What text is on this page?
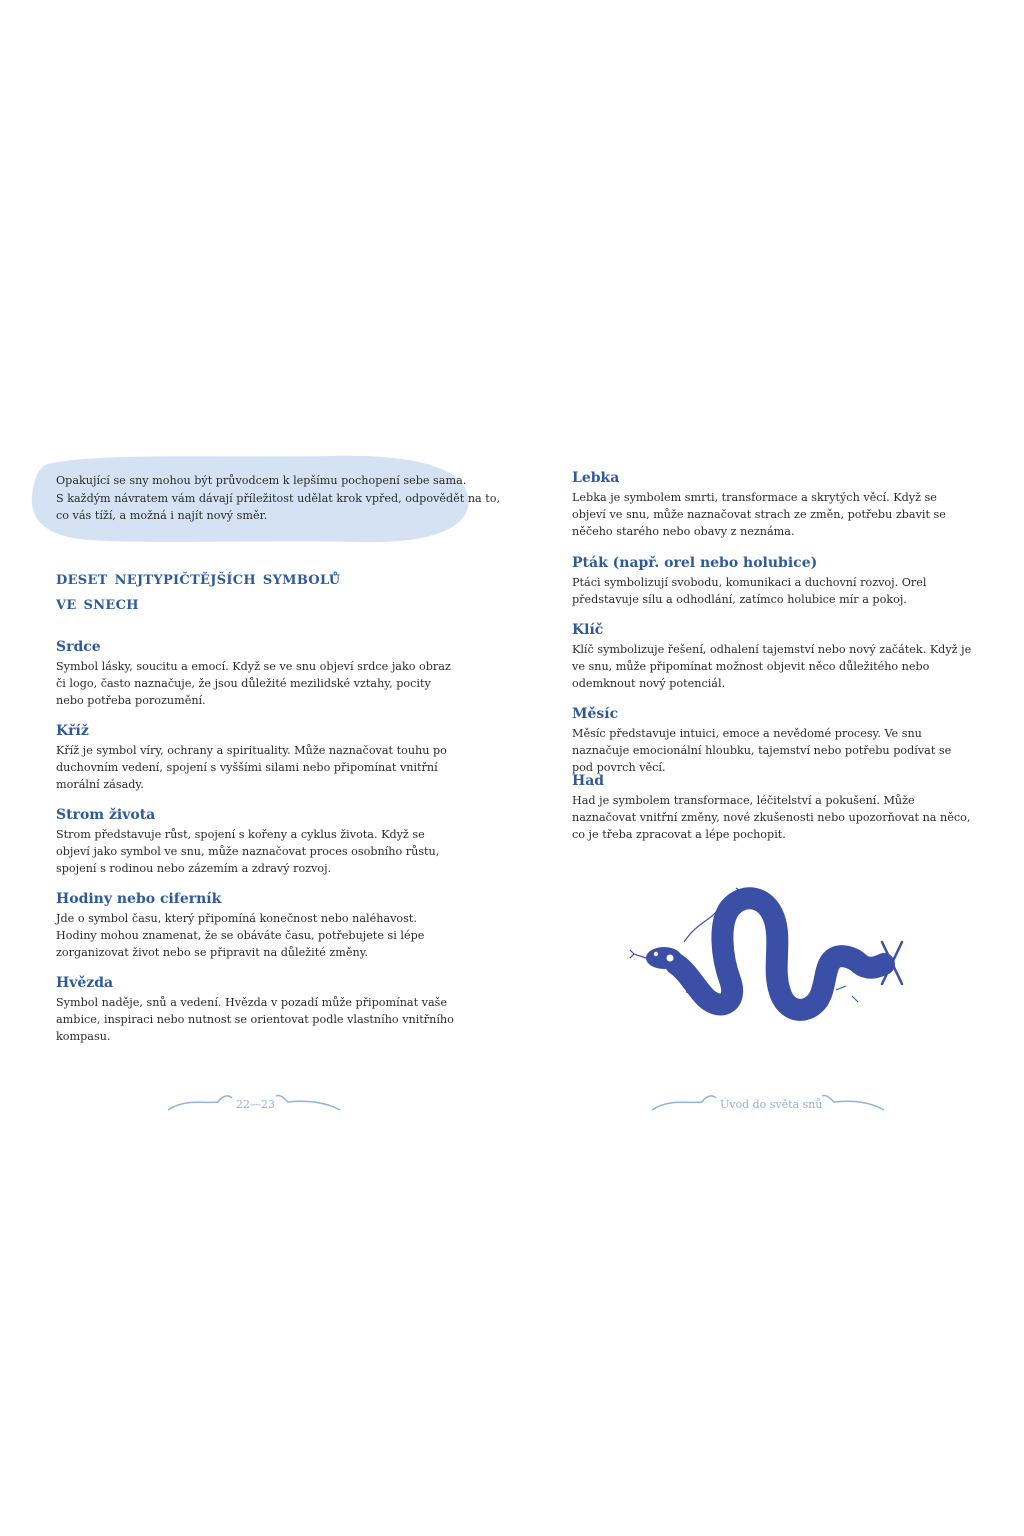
Opakující se sny mohou být průvodcem k lepšímu pochopení sebe sama.
S každým návratem vám dávají příležitost udělat krok vpřed, odpovědět na to,
co vás tíží, a možná i najít nový směr.
deset nejtypičtějších symbolů
ve snech
Srdce

Symbol lásky, soucitu a emocí. Když se ve snu objeví srdce jako obraz či logo, často naznačuje, že jsou důležité mezilidské vztahy, pocity nebo potřeba porozumění.

Kříž

Kříž je symbol víry, ochrany a spirituality. Může naznačovat touhu po duchovním vedení, spojení s vyššími silami nebo připomínat vnitřní morální zásady.

Strom života

Strom představuje růst, spojení s kořeny a cyklus života. Když se objeví jako symbol ve snu, může naznačovat proces osobního růstu, spojení s rodinou nebo zázemím a zdravý rozvoj.

Hodiny nebo ciferník

Jde o symbol času, který připomíná konečnost nebo naléhavost. Hodiny mohou znamenat, že se obáváte času, potřebujete si lépe zorganizovat život nebo se připravit na důležité změny.

Hvězda

Symbol naděje, snů a vedení. Hvězda v pozadí může připomínat vaše ambice, inspiraci nebo nutnost se orientovat podle vlastního vnitřního kompasu.

22—23
Lebka

Lebka je symbolem smrti, transformace a skrytých věcí. Když se objeví ve snu, může naznačovat strach ze změn, potřebu zbavit se něčeho starého nebo obavy z neznáma.

Pták (např. orel nebo holubice)

Ptáci symbolizují svobodu, komunikaci a duchovní rozvoj. Orel představuje sílu a odhodlání, zatímco holubice mír a pokoj.

Klíč

Klíč symbolizuje řešení, odhalení tajemství nebo nový začátek. Když je ve snu, může připomínat možnost objevit něco důležitého nebo odemknout nový potenciál.

Měsíc

Měsíc představuje intuici, emoce a nevědomé procesy. Ve snu naznačuje emocionální hloubku, tajemství nebo potřebu podívat se pod povrch věcí.

Had

Had je symbolem transformace, léčitelství a pokušení. Může naznačovat vnitřní změny, nové zkušenosti nebo upozorňovat na něco, co je třeba zpracovat a lépe pochopit.

Úvod do světa snů
